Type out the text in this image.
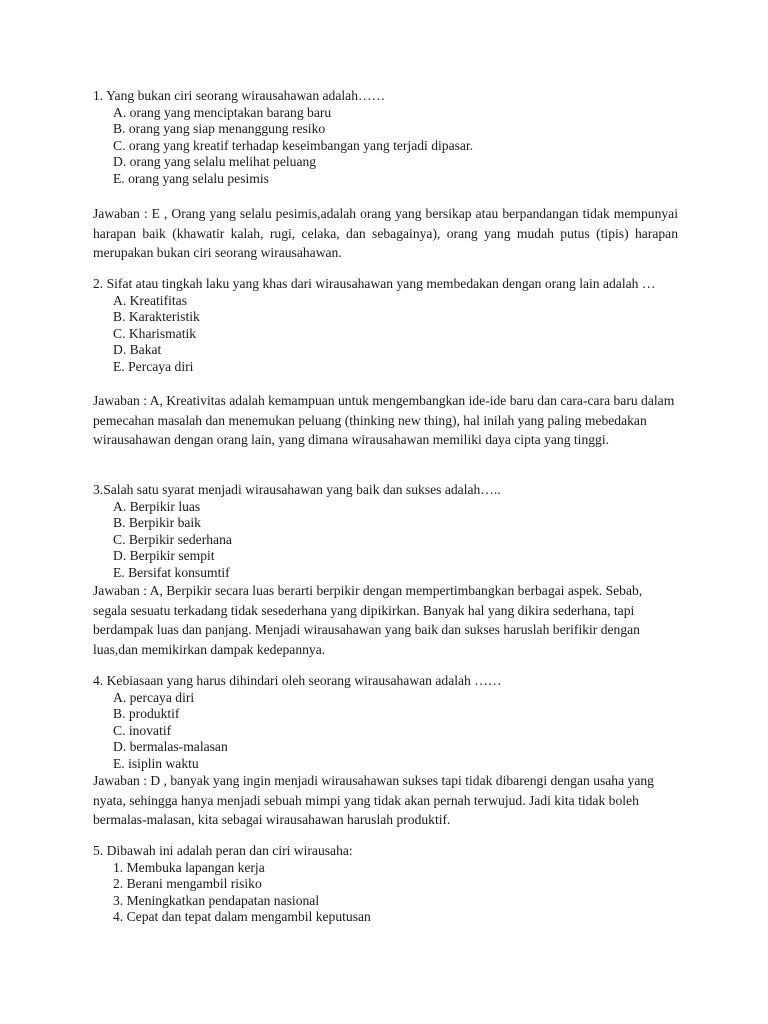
1. Yang bukan ciri seorang wirausahawan adalah……

A. orang yang menciptakan barang baru

B. orang yang siap menanggung resiko

C. orang yang kreatif terhadap keseimbangan yang terjadi dipasar.

D. orang yang selalu melihat peluang

E. orang yang selalu pesimis

Jawaban : E , Orang yang selalu pesimis,adalah orang yang bersikap atau berpandangan tidak mempunyai harapan baik (khawatir kalah, rugi, celaka, dan sebagainya), orang yang mudah putus (tipis) harapan merupakan bukan ciri seorang wirausahawan.

2. Sifat atau tingkah laku yang khas dari wirausahawan yang membedakan dengan orang lain adalah …

A. Kreatifitas

B. Karakteristik

C. Kharismatik

D. Bakat

E. Percaya diri

Jawaban : A, Kreativitas adalah kemampuan untuk mengembangkan ide-ide baru dan cara-cara baru dalam pemecahan masalah dan menemukan peluang (thinking new thing), hal inilah yang paling mebedakan wirausahawan dengan orang lain, yang dimana wirausahawan memiliki daya cipta yang tinggi.

3.Salah satu syarat menjadi wirausahawan yang baik dan sukses adalah…..

A. Berpikir luas

B. Berpikir baik

C. Berpikir sederhana

D. Berpikir sempit

E. Bersifat konsumtif

Jawaban : A, Berpikir secara luas berarti berpikir dengan mempertimbangkan berbagai aspek. Sebab, segala sesuatu terkadang tidak sesederhana yang dipikirkan. Banyak hal yang dikira sederhana, tapi berdampak luas dan panjang. Menjadi wirausahawan yang baik dan sukses haruslah berifikir dengan luas,dan memikirkan dampak kedepannya.

4. Kebiasaan yang harus dihindari oleh seorang wirausahawan adalah ……

A. percaya diri

B. produktif

C. inovatif

D. bermalas-malasan

E. isiplin waktu

Jawaban : D , banyak yang ingin menjadi wirausahawan sukses tapi tidak dibarengi dengan usaha yang nyata, sehingga hanya menjadi sebuah mimpi yang tidak akan pernah terwujud. Jadi kita tidak boleh bermalas-malasan, kita sebagai wirausahawan haruslah produktif.

5. Dibawah ini adalah peran dan ciri wirausaha:

1. Membuka lapangan kerja

2. Berani mengambil risiko

3. Meningkatkan pendapatan nasional

4. Cepat dan tepat dalam mengambil keputusan
